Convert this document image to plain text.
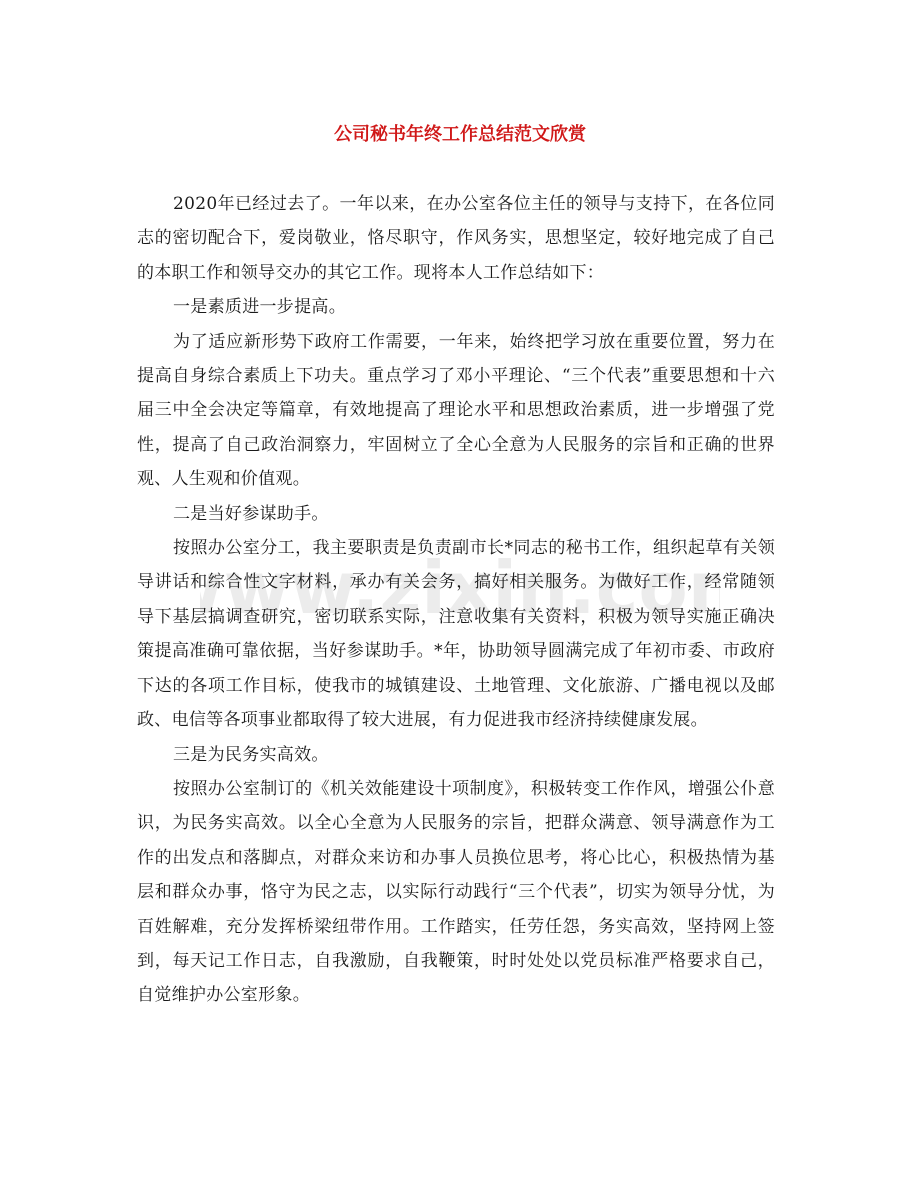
ww.zixin.co
公司秘书年终工作总结范文欣赏

2020年已经过去了。一年以来，在办公室各位主任的领导与支持下，在各位同志的密切配合下，爱岗敬业，恪尽职守，作风务实，思想坚定，较好地完成了自己的本职工作和领导交办的其它工作。现将本人工作总结如下：

一是素质进一步提高。

为了适应新形势下政府工作需要，一年来，始终把学习放在重要位置，努力在提高自身综合素质上下功夫。重点学习了邓小平理论、“三个代表”重要思想和十六届三中全会决定等篇章，有效地提高了理论水平和思想政治素质，进一步增强了党性，提高了自己政治洞察力，牢固树立了全心全意为人民服务的宗旨和正确的世界观、人生观和价值观。

二是当好参谋助手。

按照办公室分工，我主要职责是负责副市长*同志的秘书工作，组织起草有关领导讲话和综合性文字材料，承办有关会务，搞好相关服务。为做好工作，经常随领导下基层搞调查研究，密切联系实际，注意收集有关资料，积极为领导实施正确决策提高准确可靠依据，当好参谋助手。*年，协助领导圆满完成了年初市委、市政府下达的各项工作目标，使我市的城镇建设、土地管理、文化旅游、广播电视以及邮政、电信等各项事业都取得了较大进展，有力促进我市经济持续健康发展。

三是为民务实高效。

按照办公室制订的《机关效能建设十项制度》，积极转变工作作风，增强公仆意识，为民务实高效。以全心全意为人民服务的宗旨，把群众满意、领导满意作为工作的出发点和落脚点，对群众来访和办事人员换位思考，将心比心，积极热情为基层和群众办事，恪守为民之志，以实际行动践行“三个代表”，切实为领导分忧，为百姓解难，充分发挥桥梁纽带作用。工作踏实，任劳任怨，务实高效，坚持网上签到，每天记工作日志，自我激励，自我鞭策，时时处处以党员标准严格要求自己，自觉维护办公室形象。
